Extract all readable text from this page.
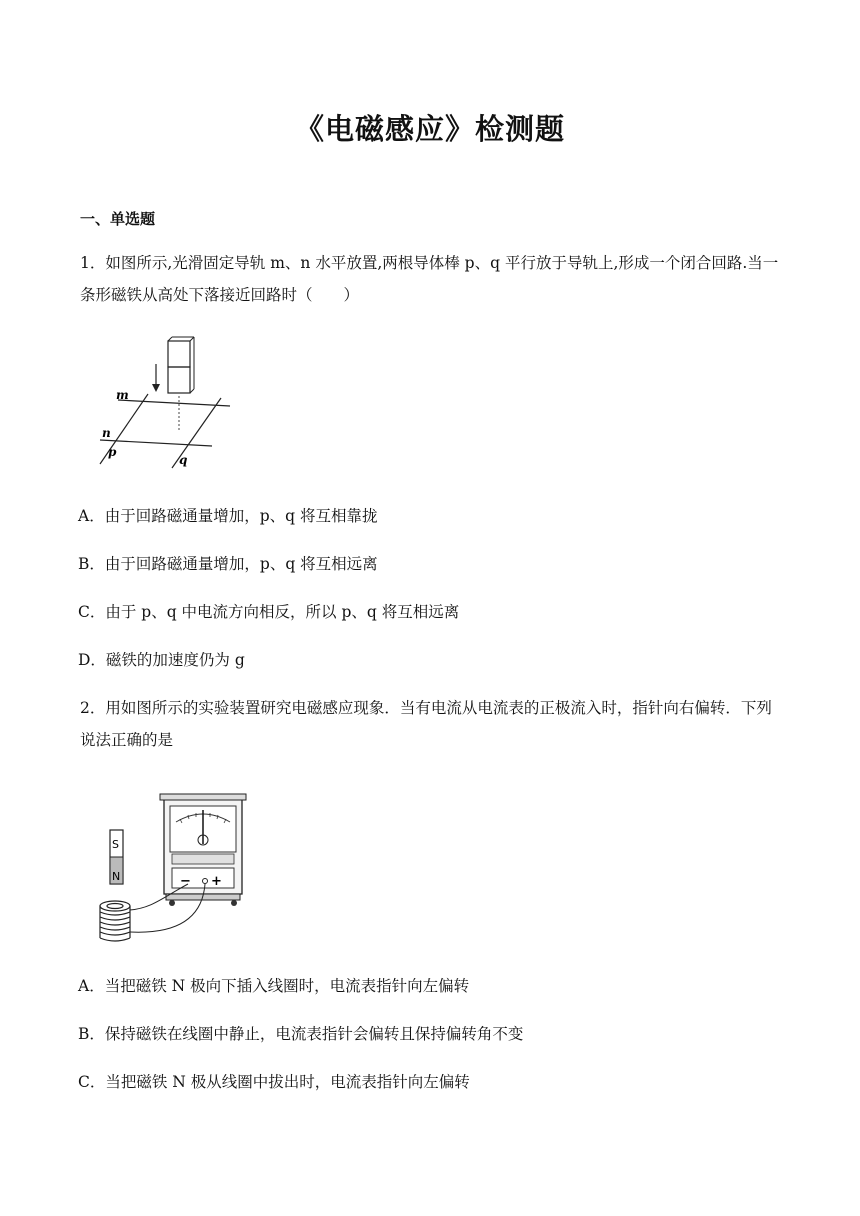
《电磁感应》检测题
一、单选题
1．如图所示,光滑固定导轨 m、n 水平放置,两根导体棒 p、q 平行放于导轨上,形成一个闭合回路.当一条形磁铁从高处下落接近回路时（　　）
m
n
p
q
A．由于回路磁通量增加，p、q 将互相靠拢
B．由于回路磁通量增加，p、q 将互相远离
C．由于 p、q 中电流方向相反，所以 p、q 将互相远离
D．磁铁的加速度仍为 g
2．用如图所示的实验装置研究电磁感应现象．当有电流从电流表的正极流入时，指针向右偏转．下列说法正确的是
− +
S
N
A．当把磁铁 N 极向下插入线圈时，电流表指针向左偏转
B．保持磁铁在线圈中静止，电流表指针会偏转且保持偏转角不变
C．当把磁铁 N 极从线圈中拔出时，电流表指针向左偏转
